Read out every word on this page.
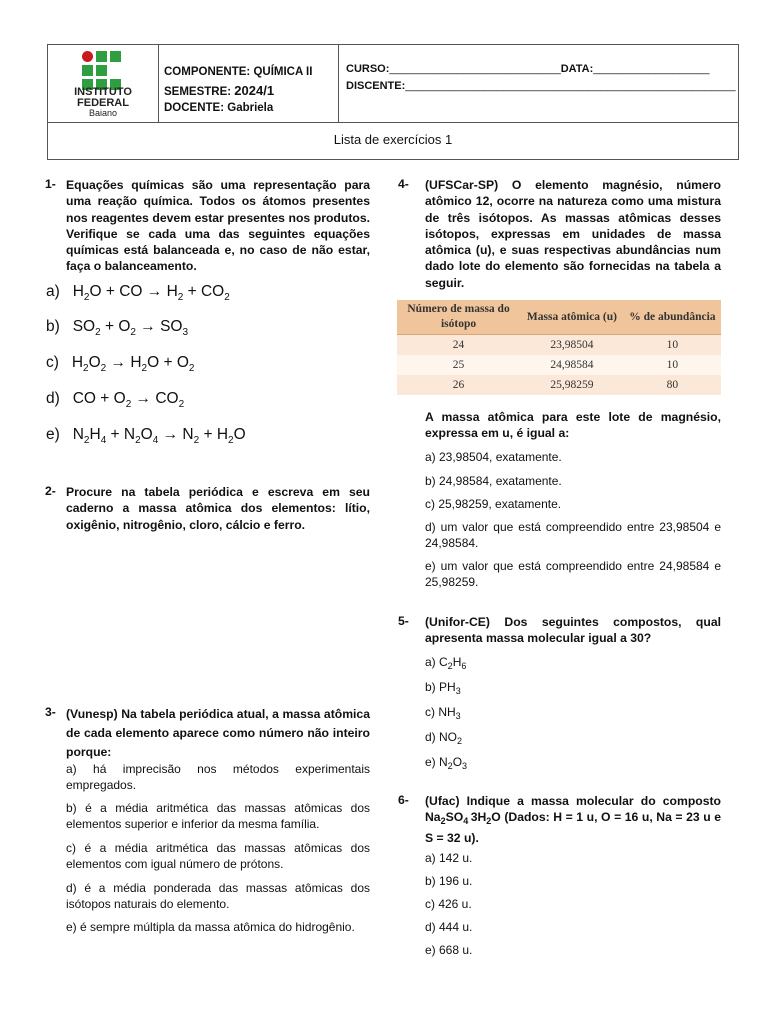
INSTITUTO
FEDERAL
Baiano
COMPONENTE: QUÍMICA II
SEMESTRE: 2024/1
DOCENTE: Gabriela
CURSO:____________________________DATA:___________________
DISCENTE:______________________________________________________
Lista de exercícios 1
1- Equações químicas são uma representação para uma reação química. Todos os átomos presentes nos reagentes devem estar presentes nos produtos. Verifique se cada uma das seguintes equações químicas está balanceada e, no caso de não estar, faça o balanceamento.
a)   $H_2O$ + CO → $H_2 + CO_2$
b)   $SO_2 + O_2 \to SO_3$
c)   $H_2O_2 \to H_2O + O_2$
d)   CO + $O_2 \to CO_2$
e)   $N_2H_4 + N_2O_4 \to N_2 + H_2O$
2- Procure na tabela periódica e escreva em seu caderno a massa atômica dos elementos: lítio, oxigênio, nitrogênio, cloro, cálcio e ferro.
3- (Vunesp) Na tabela periódica atual, a massa atômica de cada elemento aparece como número não inteiro porque:
a) há imprecisão nos métodos experimentais empregados.
b) é a média aritmética das massas atômicas dos elementos superior e inferior da mesma família.
c) é a média aritmética das massas atômicas dos elementos com igual número de prótons.
d) é a média ponderada das massas atômicas dos isótopos naturais do elemento.
e) é sempre múltipla da massa atômica do hidrogênio.
4- (UFSCar-SP) O elemento magnésio, número atômico 12, ocorre na natureza como uma mistura de três isótopos. As massas atômicas desses isótopos, expressas em unidades de massa atômica (u), e suas respectivas abundâncias num dado lote do elemento são fornecidas na tabela a seguir.
Número de massa do isótopo	Massa atômica (u)	% de abundância
24	23,98504	10
25	24,98584	10
26	25,98259	80
A massa atômica para este lote de magnésio, expressa em u, é igual a:
a) 23,98504, exatamente.
b) 24,98584, exatamente.
c) 25,98259, exatamente.
d) um valor que está compreendido entre 23,98504 e 24,98584.
e) um valor que está compreendido entre 24,98584 e 25,98259.
5- (Unifor-CE) Dos seguintes compostos, qual apresenta massa molecular igual a 30?
a) $C_2H_6$
b) $PH_3$
c) $NH_3$
d) $NO_2$
e) $N_2O_3$
6- (Ufac) Indique a massa molecular do composto $Na_2SO_4$  $3H_2O$ (Dados: H = 1 u, O = 16 u, Na = 23 u e S = 32 u).
a) 142 u.
b) 196 u.
c) 426 u.
d) 444 u.
e) 668 u.
